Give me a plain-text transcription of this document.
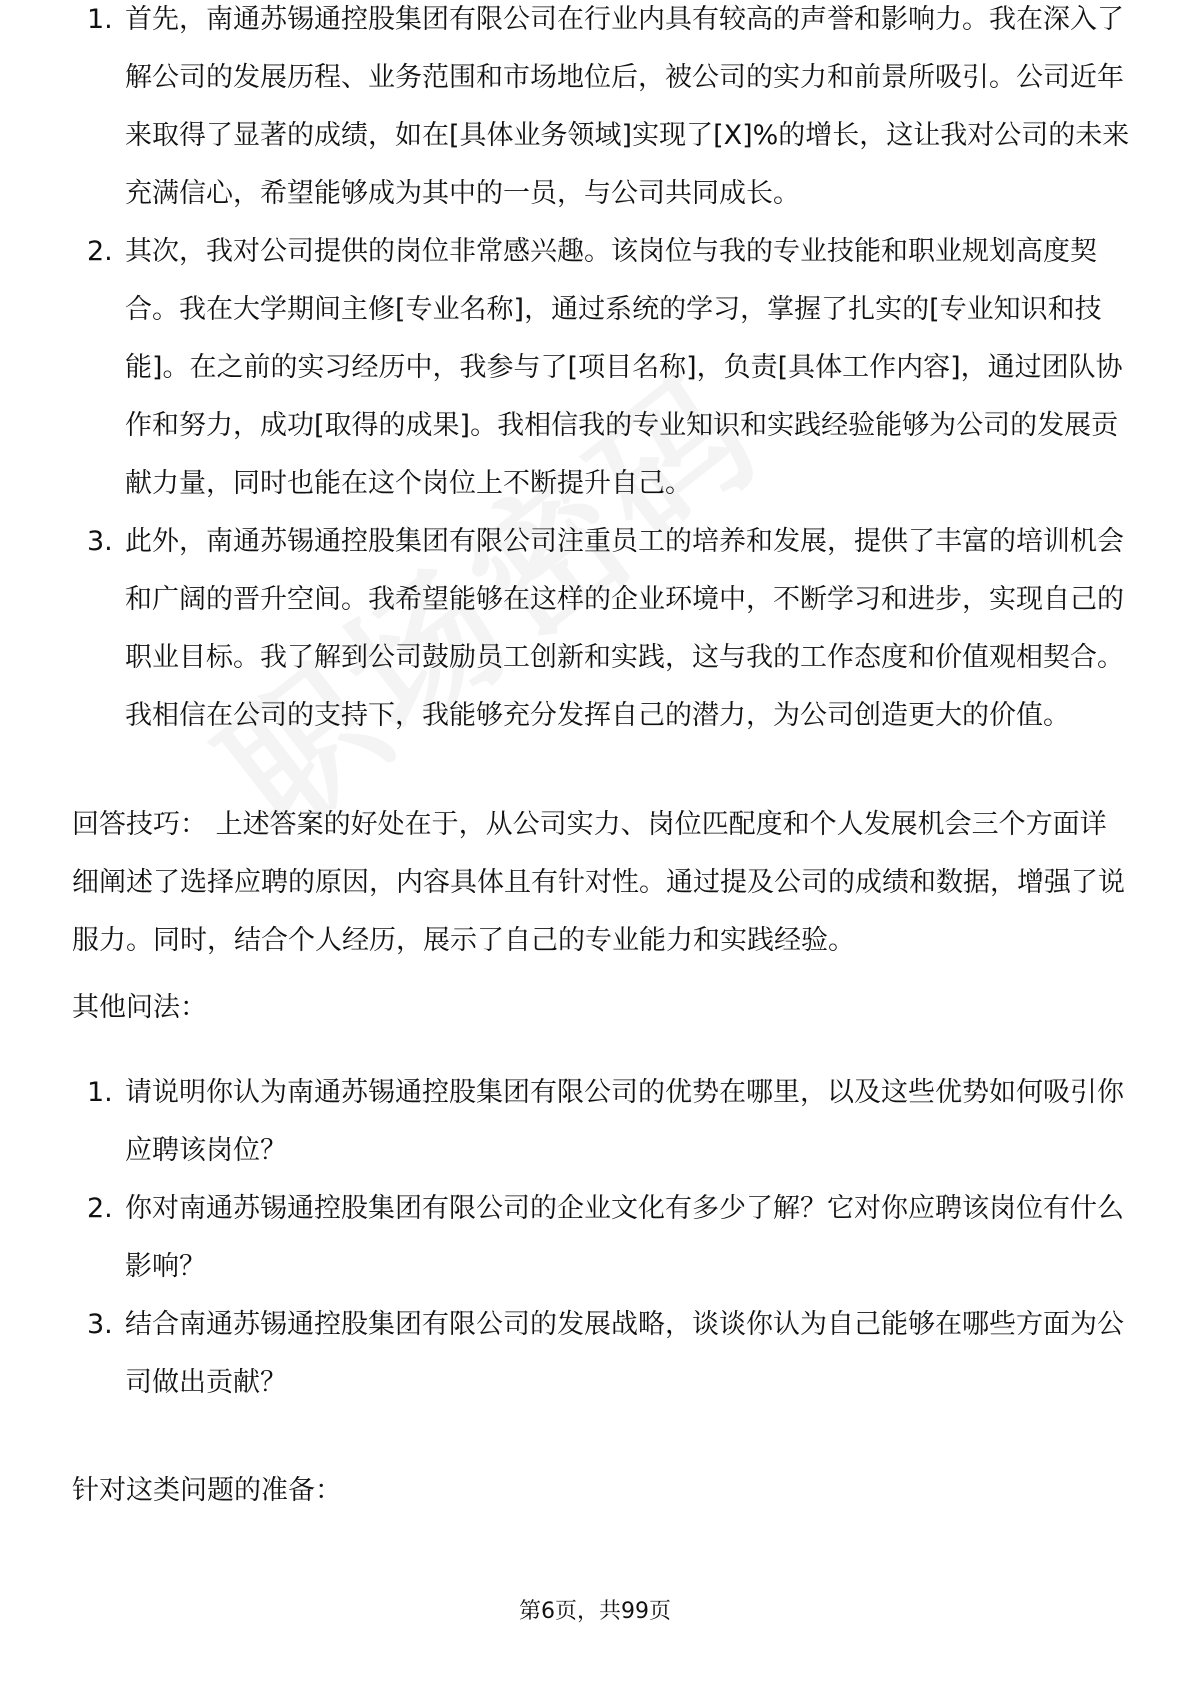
1. 首先，南通苏锡通控股集团有限公司在行业内具有较高的声誉和影响力。我在深入了解公司的发展历程、业务范围和市场地位后，被公司的实力和前景所吸引。公司近年来取得了显著的成绩，如在[具体业务领域]实现了[X]%的增长，这让我对公司的未来充满信心，希望能够成为其中的一员，与公司共同成长。
2. 其次，我对公司提供的岗位非常感兴趣。该岗位与我的专业技能和职业规划高度契合。我在大学期间主修[专业名称]，通过系统的学习，掌握了扎实的[专业知识和技能]。在之前的实习经历中，我参与了[项目名称]，负责[具体工作内容]，通过团队协作和努力，成功[取得的成果]。我相信我的专业知识和实践经验能够为公司的发展贡献力量，同时也能在这个岗位上不断提升自己。
3. 此外，南通苏锡通控股集团有限公司注重员工的培养和发展，提供了丰富的培训机会和广阔的晋升空间。我希望能够在这样的企业环境中，不断学习和进步，实现自己的职业目标。我了解到公司鼓励员工创新和实践，这与我的工作态度和价值观相契合。我相信在公司的支持下，我能够充分发挥自己的潜力，为公司创造更大的价值。

回答技巧： 上述答案的好处在于，从公司实力、岗位匹配度和个人发展机会三个方面详细阐述了选择应聘的原因，内容具体且有针对性。通过提及公司的成绩和数据，增强了说服力。同时，结合个人经历，展示了自己的专业能力和实践经验。

其他问法：

1. 请说明你认为南通苏锡通控股集团有限公司的优势在哪里，以及这些优势如何吸引你应聘该岗位？
2. 你对南通苏锡通控股集团有限公司的企业文化有多少了解？它对你应聘该岗位有什么影响？
3. 结合南通苏锡通控股集团有限公司的发展战略，谈谈你认为自己能够在哪些方面为公司做出贡献？

针对这类问题的准备：

第6页，共99页
